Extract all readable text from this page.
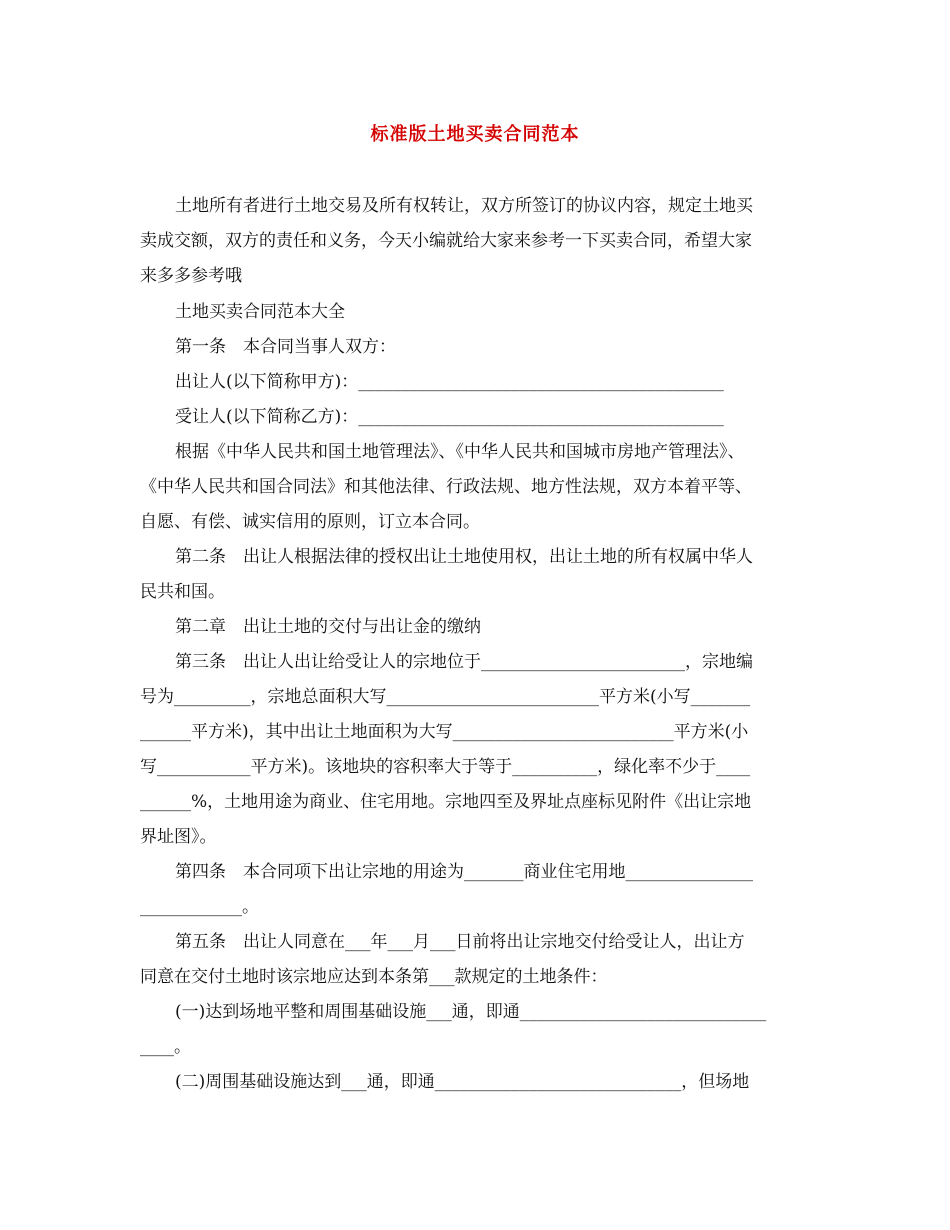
标准版土地买卖合同范本
土地所有者进行土地交易及所有权转让，双方所签订的协议内容，规定土地买
卖成交额，双方的责任和义务，今天小编就给大家来参考一下买卖合同，希望大家
来多多参考哦
土地买卖合同范本大全
第一条　本合同当事人双方：
出让人(以下简称甲方)：___________________________________________
受让人(以下简称乙方)：___________________________________________
根据《中华人民共和国土地管理法》、《中华人民共和国城市房地产管理法》、
《中华人民共和国合同法》和其他法律、行政法规、地方性法规，双方本着平等、
自愿、有偿、诚实信用的原则，订立本合同。
第二条　出让人根据法律的授权出让土地使用权，出让土地的所有权属中华人
民共和国。
第二章　出让土地的交付与出让金的缴纳
第三条　出让人出让给受让人的宗地位于________________________，宗地编
号为_________，宗地总面积大写_________________________平方米(小写_______
______平方米)，其中出让土地面积为大写__________________________平方米(小
写___________平方米)。该地块的容积率大于等于__________，绿化率不少于____
______%，土地用途为商业、住宅用地。宗地四至及界址点座标见附件《出让宗地
界址图》。
第四条　本合同项下出让宗地的用途为_______商业住宅用地_______________
____________。
第五条　出让人同意在___年___月___日前将出让宗地交付给受让人，出让方
同意在交付土地时该宗地应达到本条第___款规定的土地条件：
(一)达到场地平整和周围基础设施___通，即通_____________________________
____。
(二)周围基础设施达到___通，即通_____________________________，但场地
